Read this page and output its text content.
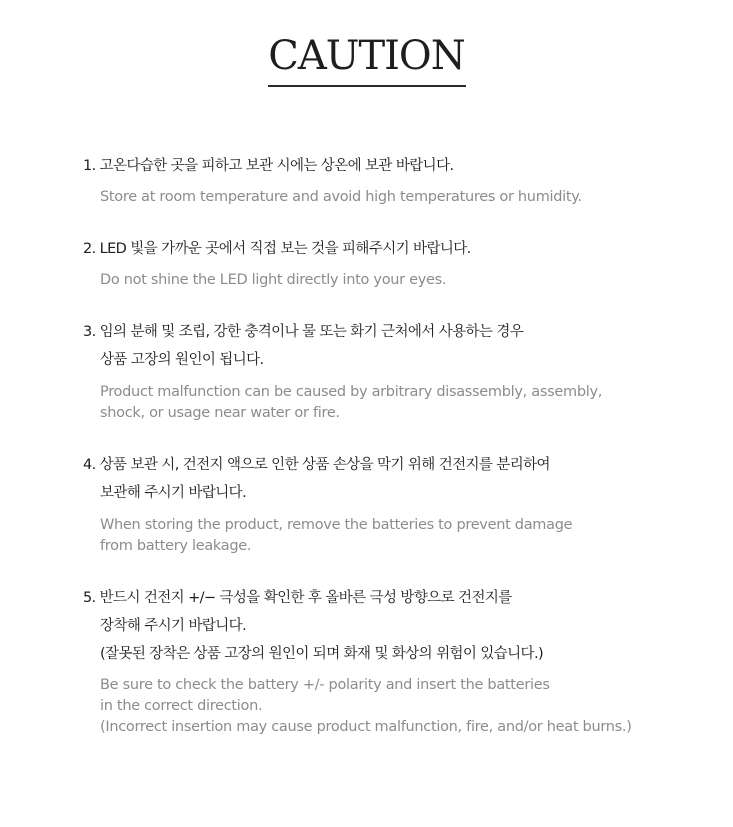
CAUTION
1. 고온다습한 곳을 피하고 보관 시에는 상온에 보관 바랍니다.
Store at room temperature and avoid high temperatures or humidity.
2. LED 빛을 가까운 곳에서 직접 보는 것을 피해주시기 바랍니다.
Do not shine the LED light directly into your eyes.
3. 임의 분해 및 조립, 강한 충격이나 물 또는 화기 근처에서 사용하는 경우
상품 고장의 원인이 됩니다.
Product malfunction can be caused by arbitrary disassembly, assembly,
shock, or usage near water or fire.
4. 상품 보관 시, 건전지 액으로 인한 상품 손상을 막기 위해 건전지를 분리하여
보관해 주시기 바랍니다.
When storing the product, remove the batteries to prevent damage
from battery leakage.
5. 반드시 건전지 +/− 극성을 확인한 후 올바른 극성 방향으로 건전지를
장착해 주시기 바랍니다.
(잘못된 장착은 상품 고장의 원인이 되며 화재 및 화상의 위험이 있습니다.)
Be sure to check the battery +/- polarity and insert the batteries
in the correct direction.
(Incorrect insertion may cause product malfunction, fire, and/or heat burns.)
